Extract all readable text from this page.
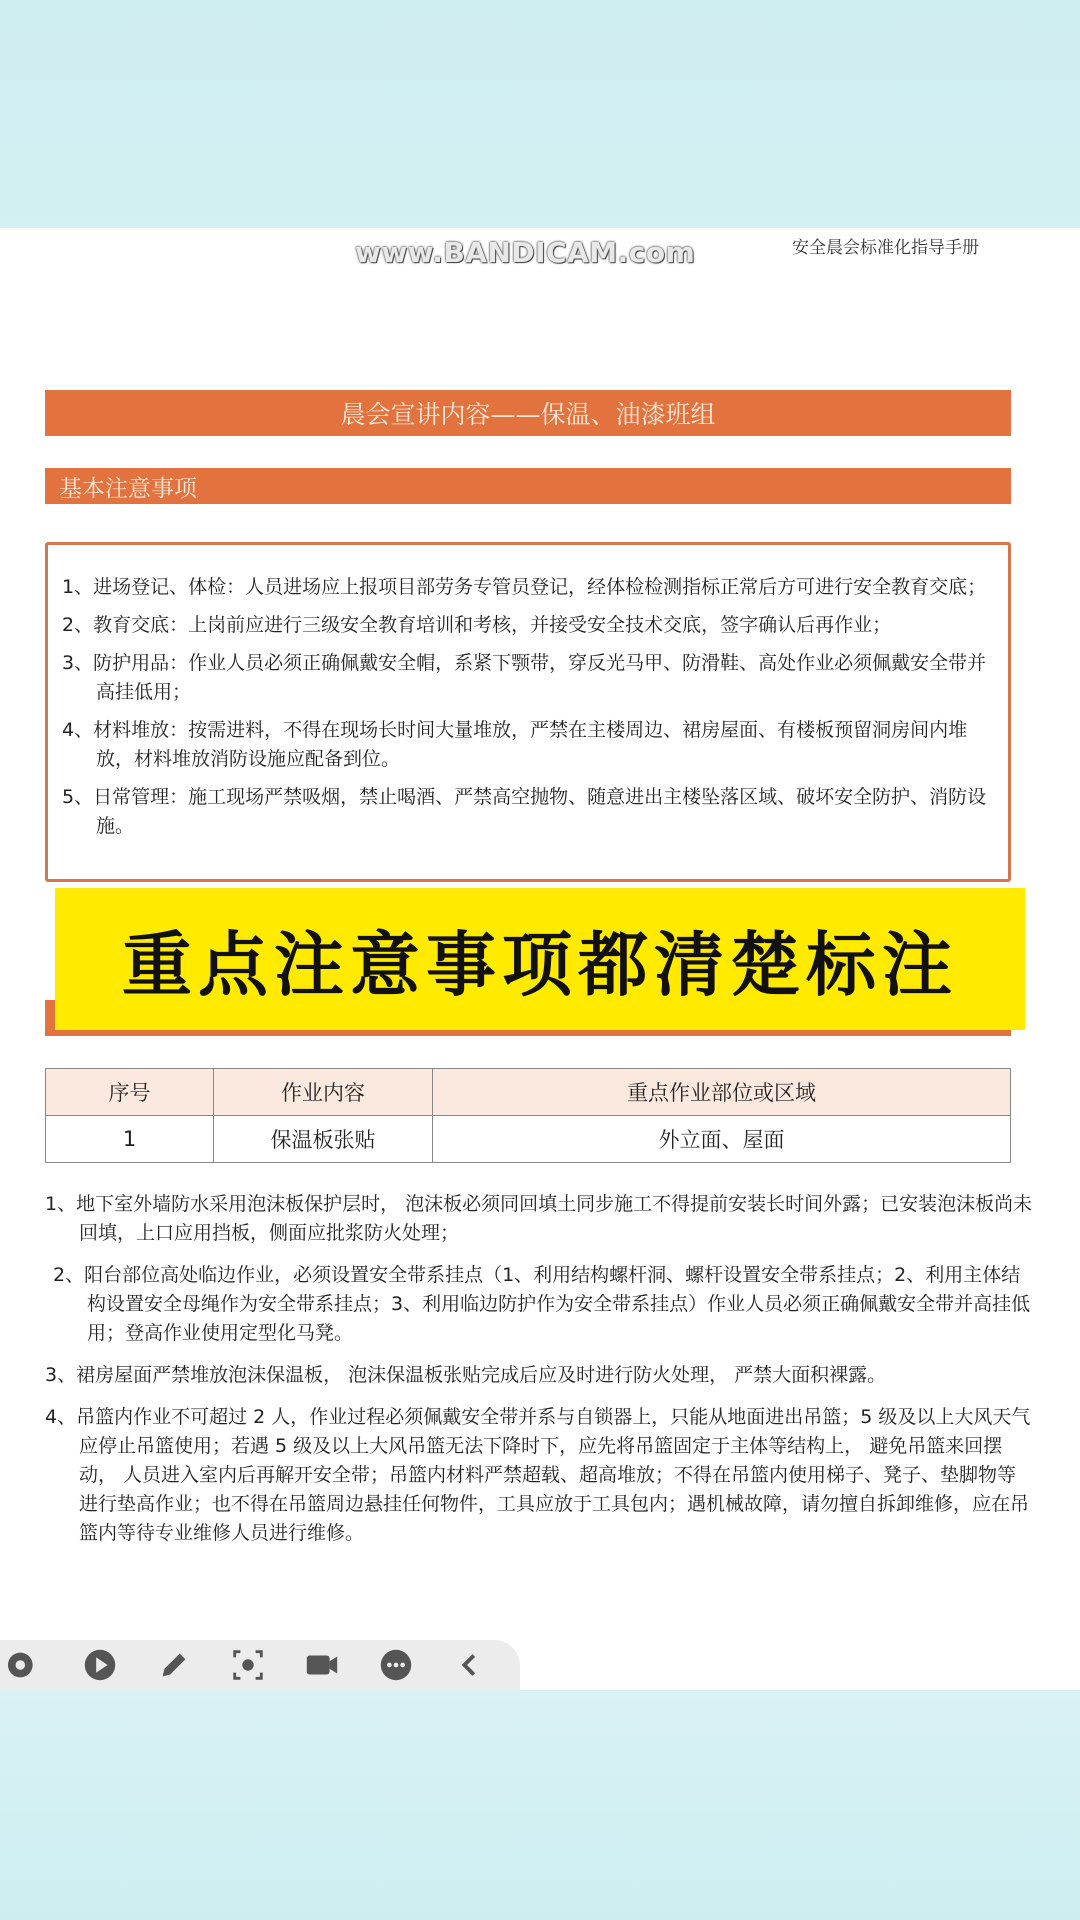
www.BANDICAM.com	安全晨会标准化指导手册
晨会宣讲内容——保温、油漆班组
基本注意事项
1、进场登记、体检：人员进场应上报项目部劳务专管员登记，经体检检测指标正常后方可进行安全教育交底；
2、教育交底：上岗前应进行三级安全教育培训和考核，并接受安全技术交底，签字确认后再作业；
3、防护用品：作业人员必须正确佩戴安全帽，系紧下颚带，穿反光马甲、防滑鞋、高处作业必须佩戴安全带并高挂低用；
4、材料堆放：按需进料，不得在现场长时间大量堆放，严禁在主楼周边、裙房屋面、有楼板预留洞房间内堆放，材料堆放消防设施应配备到位。
5、日常管理：施工现场严禁吸烟，禁止喝酒、严禁高空抛物、随意进出主楼坠落区域、破坏安全防护、消防设施。
重点注意事项都清楚标注
序号	作业内容	重点作业部位或区域
1	保温板张贴	外立面、屋面
1、地下室外墙防水采用泡沫板保护层时， 泡沫板必须同回填土同步施工不得提前安装长时间外露；已安装泡沫板尚未回填，上口应用挡板，侧面应批浆防火处理；
2、阳台部位高处临边作业，必须设置安全带系挂点（1、利用结构螺杆洞、螺杆设置安全带系挂点；2、利用主体结构设置安全母绳作为安全带系挂点；3、利用临边防护作为安全带系挂点）作业人员必须正确佩戴安全带并高挂低用；登高作业使用定型化马凳。
3、裙房屋面严禁堆放泡沫保温板， 泡沫保温板张贴完成后应及时进行防火处理， 严禁大面积裸露。
4、吊篮内作业不可超过 2 人，作业过程必须佩戴安全带并系与自锁器上，只能从地面进出吊篮；5 级及以上大风天气应停止吊篮使用；若遇 5 级及以上大风吊篮无法下降时下，应先将吊篮固定于主体等结构上， 避免吊篮来回摆动， 人员进入室内后再解开安全带；吊篮内材料严禁超载、超高堆放；不得在吊篮内使用梯子、凳子、垫脚物等进行垫高作业；也不得在吊篮周边悬挂任何物件，工具应放于工具包内；遇机械故障，请勿擅自拆卸维修，应在吊篮内等待专业维修人员进行维修。
